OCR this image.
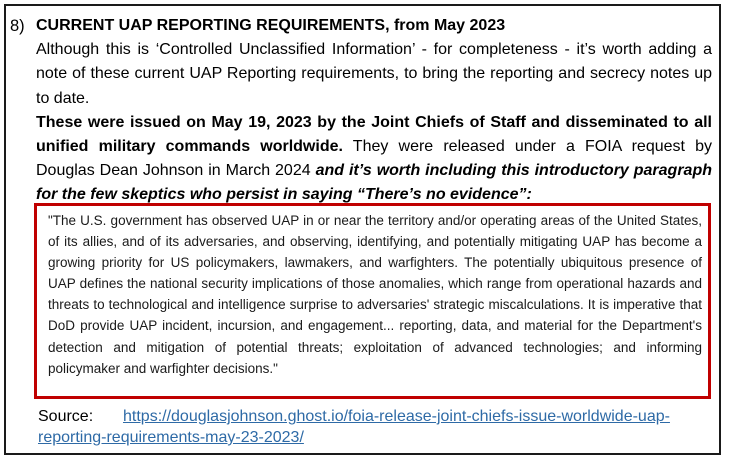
8) CURRENT UAP REPORTING REQUIREMENTS, from May 2023

Although this is ‘Controlled Unclassified Information’ - for completeness - it’s worth adding a note of these current UAP Reporting requirements, to bring the reporting and secrecy notes up to date.

These were issued on May 19, 2023 by the Joint Chiefs of Staff and disseminated to all unified military commands worldwide. They were released under a FOIA request by Douglas Dean Johnson in March 2024 and it’s worth including this introductory paragraph for the few skeptics who persist in saying “There’s no evidence”:

"The U.S. government has observed UAP in or near the territory and/or operating areas of the United States, of its allies, and of its adversaries, and observing, identifying, and potentially mitigating UAP has become a growing priority for US policymakers, lawmakers, and warfighters. The potentially ubiquitous presence of UAP defines the national security implications of those anomalies, which range from operational hazards and threats to technological and intelligence surprise to adversaries' strategic miscalculations. It is imperative that DoD provide UAP incident, incursion, and engagement... reporting, data, and material for the Department's detection and mitigation of potential threats; exploitation of advanced technologies; and informing policymaker and warfighter decisions."

Source: https://douglasjohnson.ghost.io/foia-release-joint-chiefs-issue-worldwide-uap-reporting-requirements-may-23-2023/
